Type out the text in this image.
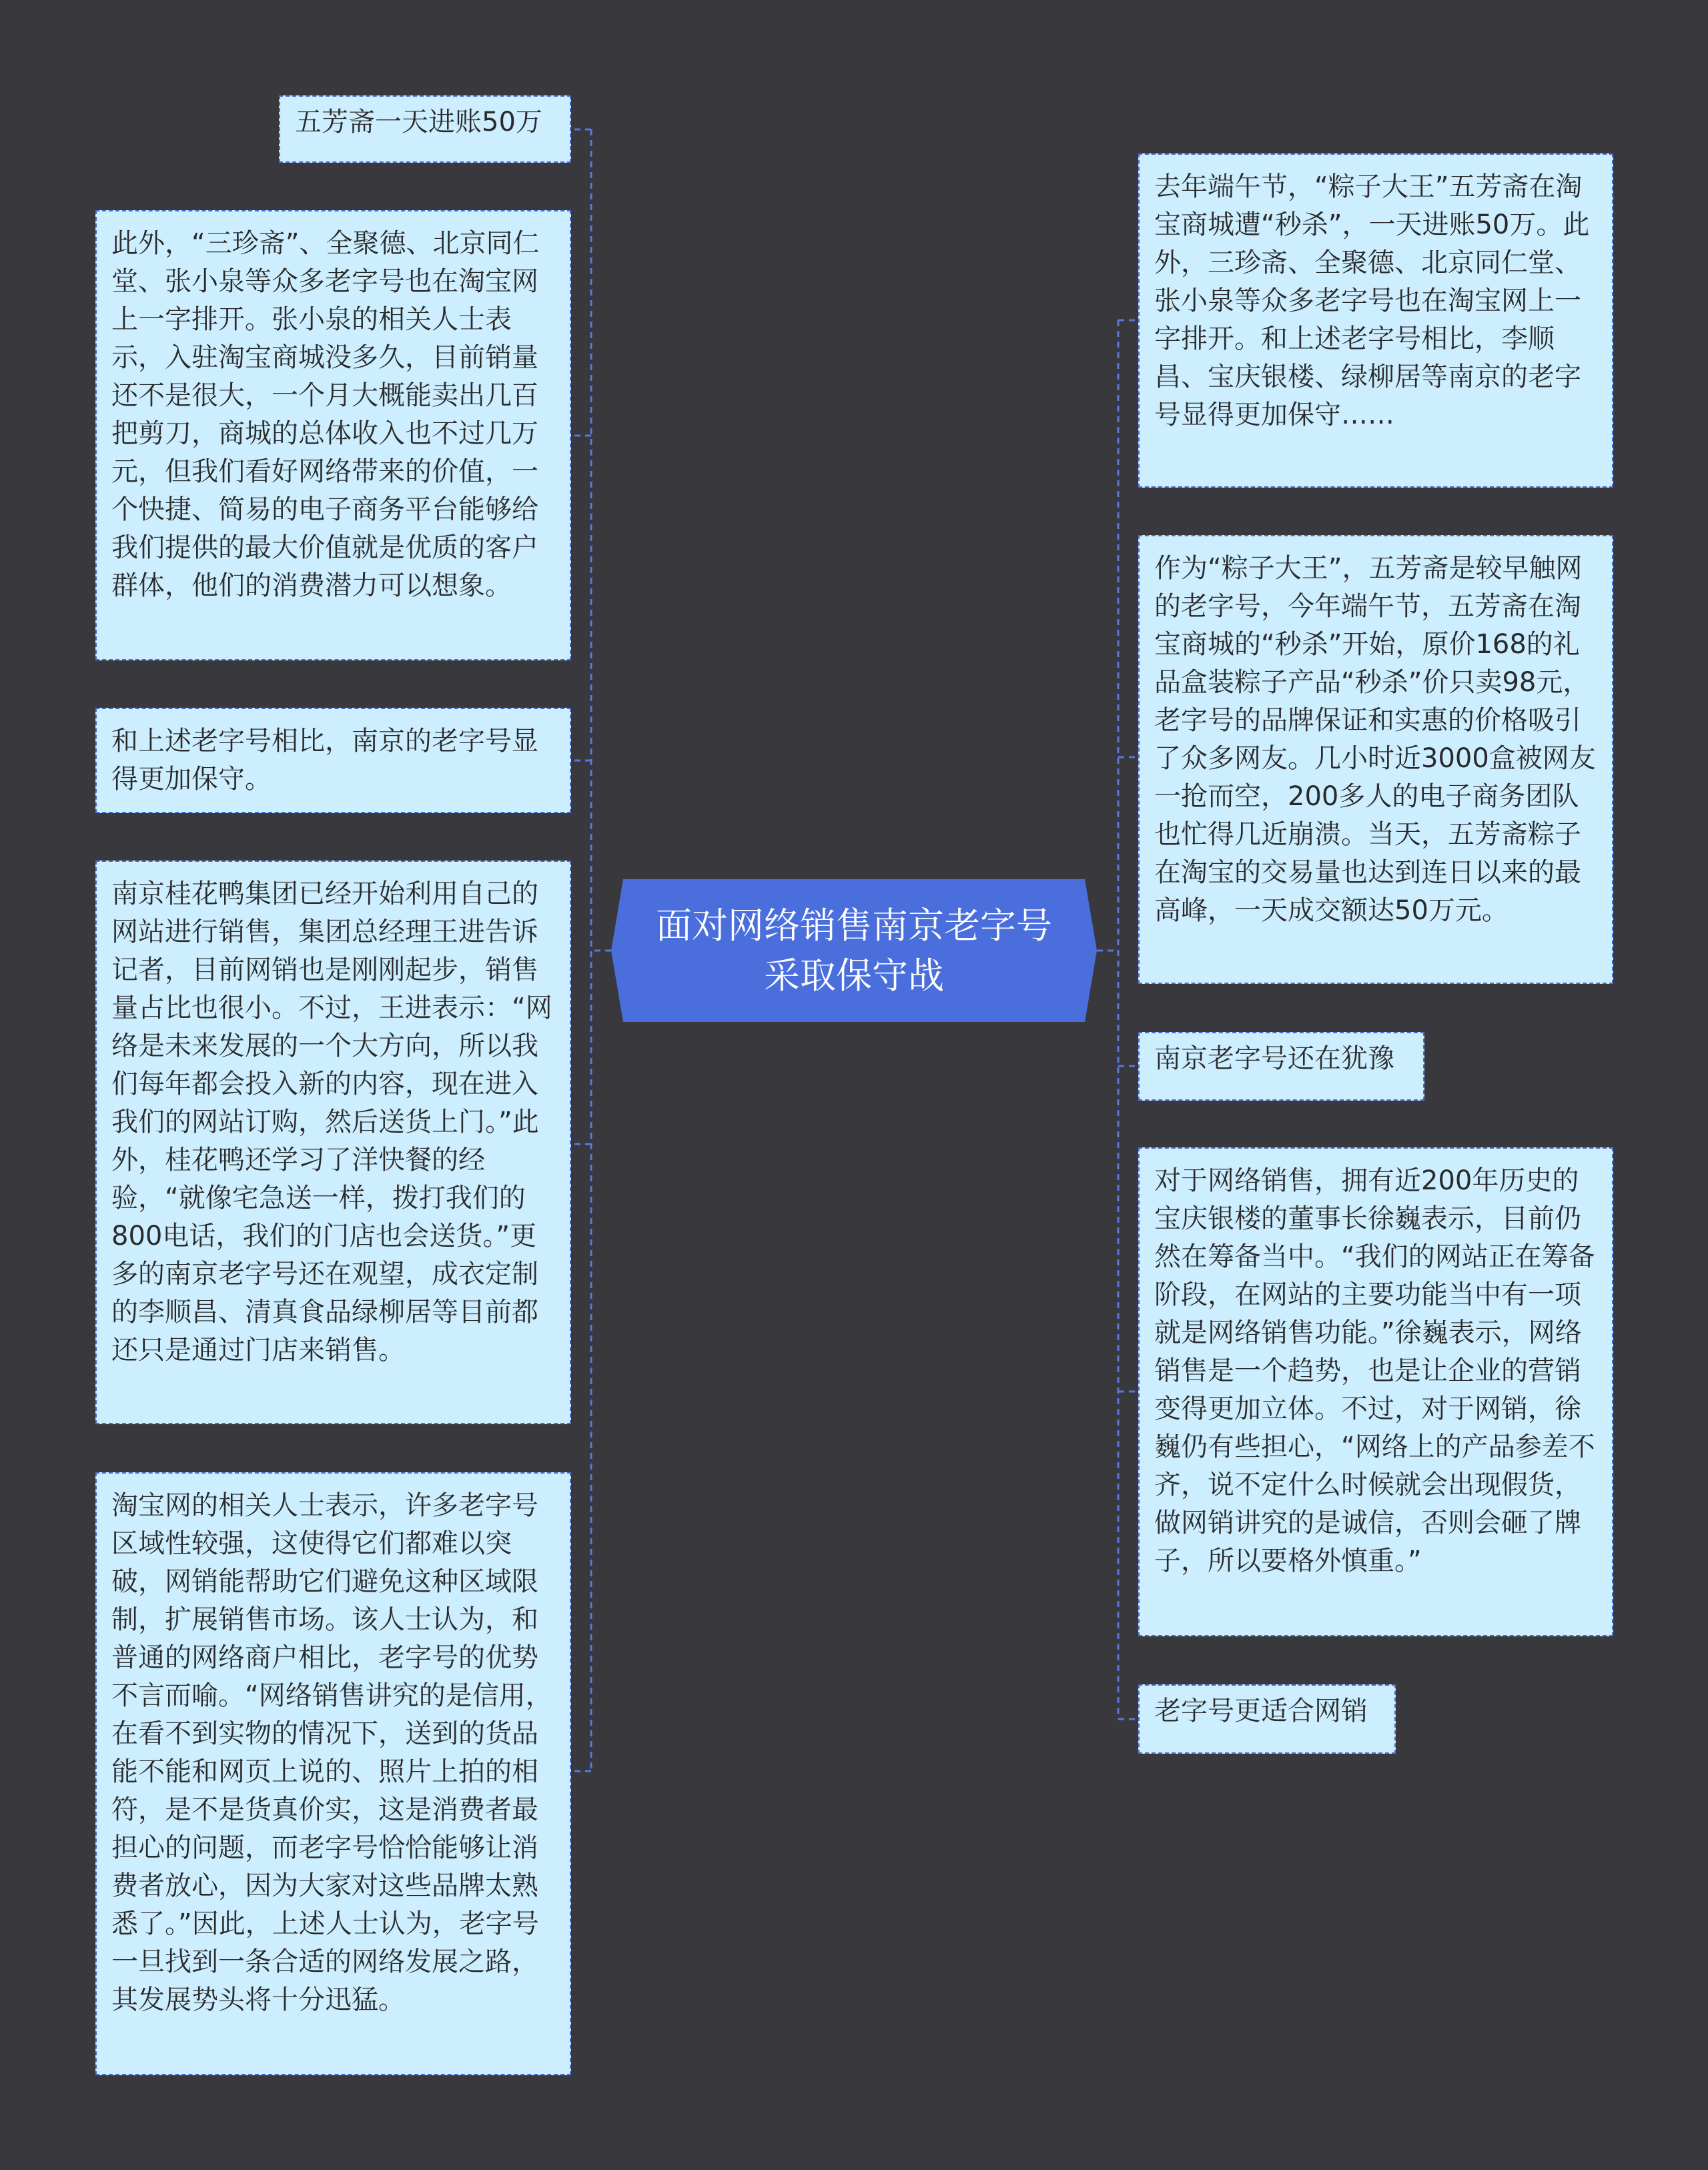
面对网络销售南京老字号采取保守战
五芳斋一天进账50万
此外，“三珍斋”、全聚德、北京同仁堂、张小泉等众多老字号也在淘宝网上一字排开。张小泉的相关人士表示，入驻淘宝商城没多久，目前销量还不是很大，一个月大概能卖出几百把剪刀，商城的总体收入也不过几万元，但我们看好网络带来的价值，一个快捷、简易的电子商务平台能够给我们提供的最大价值就是优质的客户群体，他们的消费潜力可以想象。
和上述老字号相比，南京的老字号显得更加保守。
南京桂花鸭集团已经开始利用自己的网站进行销售，集团总经理王进告诉记者，目前网销也是刚刚起步，销售量占比也很小。不过，王进表示：“网络是未来发展的一个大方向，所以我们每年都会投入新的内容，现在进入我们的网站订购，然后送货上门。”此外，桂花鸭还学习了洋快餐的经验，“就像宅急送一样，拨打我们的800电话，我们的门店也会送货。”更多的南京老字号还在观望，成衣定制的李顺昌、清真食品绿柳居等目前都还只是通过门店来销售。
淘宝网的相关人士表示，许多老字号区域性较强，这使得它们都难以突破，网销能帮助它们避免这种区域限制，扩展销售市场。该人士认为，和普通的网络商户相比，老字号的优势不言而喻。“网络销售讲究的是信用，在看不到实物的情况下，送到的货品能不能和网页上说的、照片上拍的相符，是不是货真价实，这是消费者最担心的问题，而老字号恰恰能够让消费者放心，因为大家对这些品牌太熟悉了。”因此，上述人士认为，老字号一旦找到一条合适的网络发展之路，其发展势头将十分迅猛。
去年端午节，“粽子大王”五芳斋在淘宝商城遭“秒杀”，一天进账50万。此外，三珍斋、全聚德、北京同仁堂、张小泉等众多老字号也在淘宝网上一字排开。和上述老字号相比，李顺昌、宝庆银楼、绿柳居等南京的老字号显得更加保守……
作为“粽子大王”，五芳斋是较早触网的老字号，今年端午节，五芳斋在淘宝商城的“秒杀”开始，原价168的礼品盒装粽子产品“秒杀”价只卖98元，老字号的品牌保证和实惠的价格吸引了众多网友。几小时近3000盒被网友一抢而空，200多人的电子商务团队也忙得几近崩溃。当天，五芳斋粽子在淘宝的交易量也达到连日以来的最高峰，一天成交额达50万元。
南京老字号还在犹豫
对于网络销售，拥有近200年历史的宝庆银楼的董事长徐巍表示，目前仍然在筹备当中。“我们的网站正在筹备阶段，在网站的主要功能当中有一项就是网络销售功能。”徐巍表示，网络销售是一个趋势，也是让企业的营销变得更加立体。不过，对于网销，徐巍仍有些担心，“网络上的产品参差不齐，说不定什么时候就会出现假货，做网销讲究的是诚信，否则会砸了牌子，所以要格外慎重。”
老字号更适合网销
